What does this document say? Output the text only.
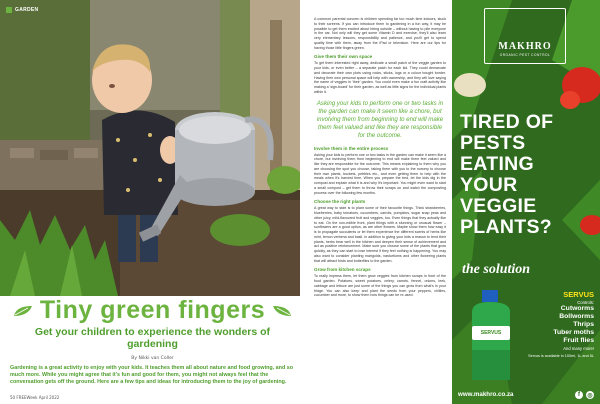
GARDEN
Tiny green fingers
Get your children to experience the wonders of gardening
By Nikki van Coller
Gardening is a great activity to enjoy with your kids. It teaches them all about nature and food growing, and so much more. While you might agree that it's fun and good for them, you might not always feel that the conversation gets off the ground. Here are a few tips and ideas for introducing them to the joy of gardening.
50 FREEWeek April 2022

A common parental concern is children spending far too much time indoors, stuck to their screens. If you can introduce them to gardening in a fun way, it may be possible to get them excited about being outside – without having to pile everyone in the car. Not only will they get some Vitamin D and exercise, they'll also learn very elementary lessons, responsibility and patience, and you'll get to spend quality time with them, away from the iPad or television. Here are our tips for having those little fingers green.

Give them their own space

To get them interested right away, dedicate a small patch of the veggie garden to your kids, or even better – a separate patch for each kid. They could demarcate and decorate their own plots using rocks, sticks, logs or a colour bought border. Having their own personal space will help with ownership, and they will love saying the name of veggies in 'their' garden. You could even make a fun craft activity like making a 'sign-board' for their garden, as well as little signs for the individual plants within it.

Asking your kids to perform one or two tasks in the garden can make it seem like a chore, but involving them from beginning to end will make them feel valued and like they are responsible for the outcome.
Involve them in the entire process

Asking your kids to perform one or two tasks in the garden can make it seem like a chore, but involving them from beginning to end will make them feel valued and like they are responsible for the outcome. This means explaining to them why you are choosing the spot you choose, taking them with you to the nursery to choose their own plants, buckets, pebbles etc., and even getting them to help with the meals when it's harvest time. When you prepare the bed, let the kids dig in the compost and explain what it is and why it's important. You might even want to start a small compost – get them to throw their scraps on and watch the composting process over the following few months.

Choose the right plants

A great way to start is to plant some of their favourite things. Think strawberries, blueberries, baby tomatoes, cucumbers, carrots, pumpkins, sugar snap peas and other juicy, mild-flavoured fruit and veggies, too. Even things that they actually like to eat. On the non-edible front, plant things with a stunning or unusual flower – sunflowers are a good option, as are other flowers. Maybe show them how easy it is to propagate succulents or let them experience the different scents of herbs like mint, lemon verbena and basil. In addition to giving your kids a reason to tend their plants, herbs bear well in the kitchen and deepen their sense of achievement and act as positive reinforcement. Make sure you choose some of the plants that grow quickly, as they can start to lose interest if they feel nothing is happening. You may also want to consider planting marigolds, nasturtiums and other flowering plants that will attract birds and butterflies to the garden.

Grow from kitchen scraps

To really impress them, let them grow veggies from kitchen scraps in front of the food garden. Potatoes, sweet potatoes, celery, carrots, fennel, onions, leek, cabbage and lettuce are just some of the things you can grow from what's in your fridge. You can also keep and plant the seeds from your peppers, chillies, cucumber and more, to show them how things can be re-used.

MAKHRO
ORGANIC PEST CONTROL
TIRED OF
PESTS
EATING
YOUR
VEGGIE
PLANTS?
the solution
SERVUS
SERVUS
Controls:
Cutworms
Bollworms
Thrips
Tuber moths
Fruit flies
And many more!
Servus is available in 100ml, 1L and 5L
www.makhro.co.za	f	◎
